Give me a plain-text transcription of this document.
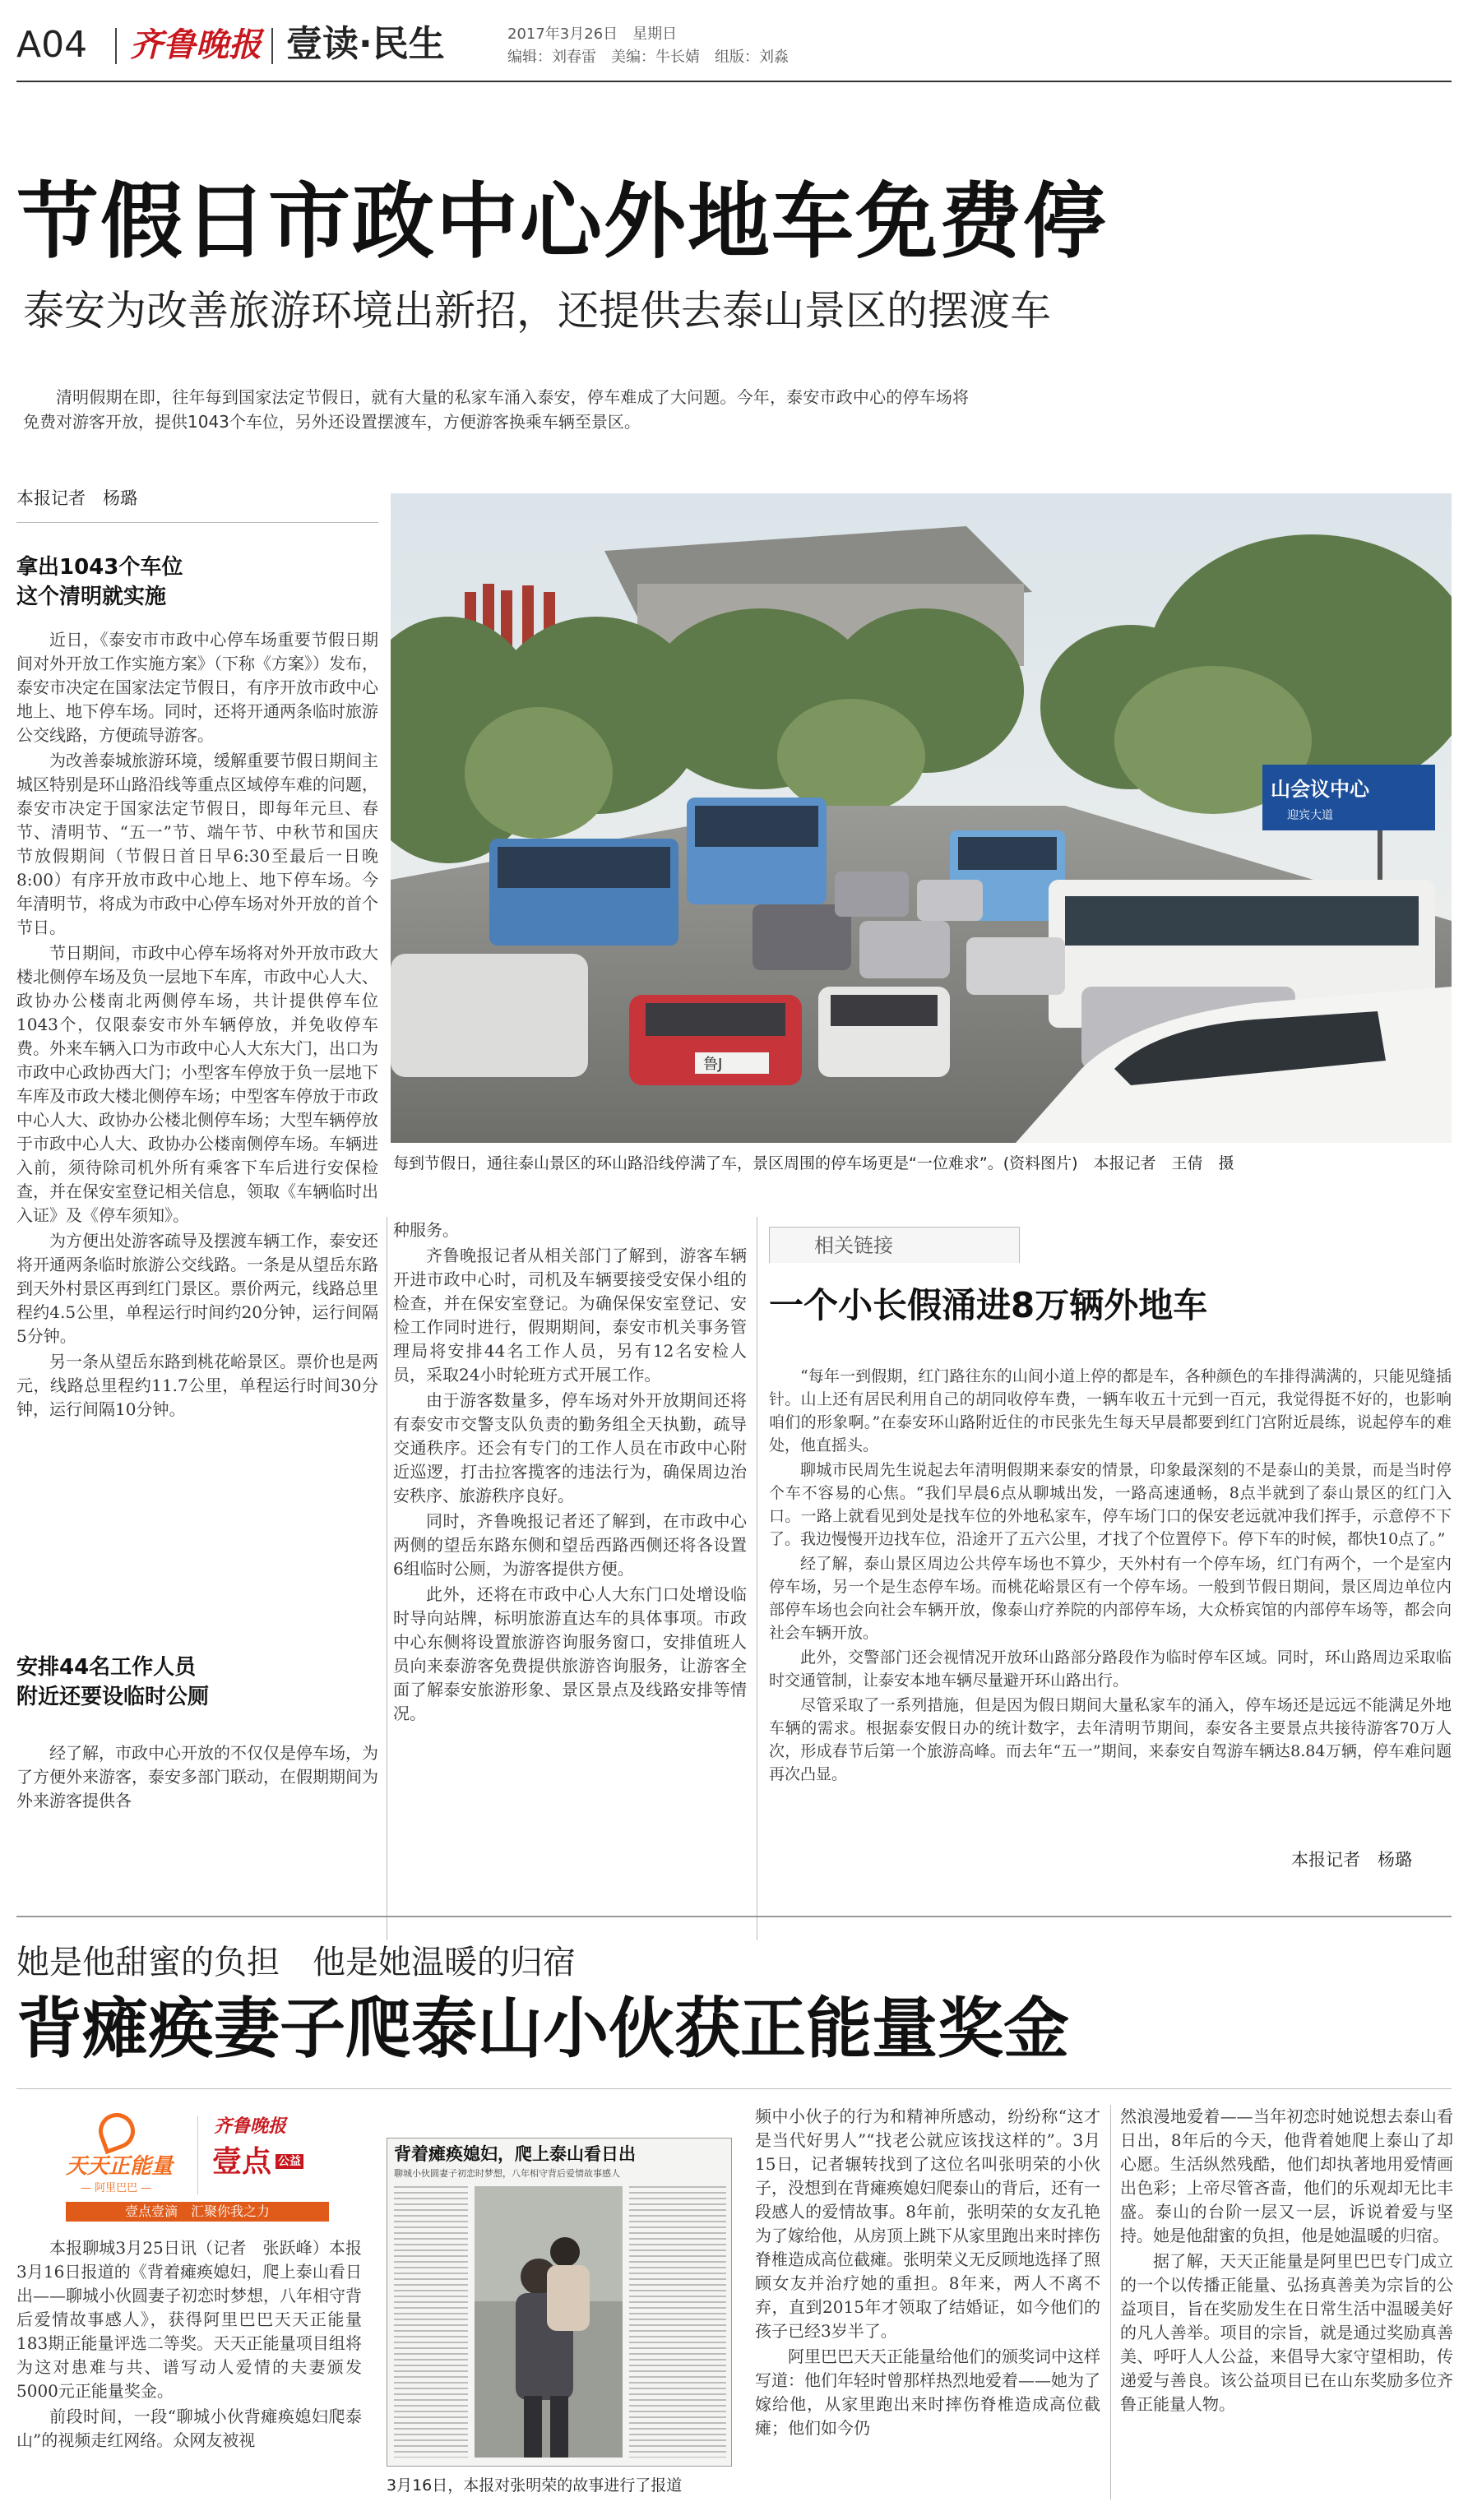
A04 齐鲁晚报 壹读·民生	2017年3月26日　星期日
编辑：刘春雷　美编：牛长婧　组版：刘淼
节假日市政中心外地车免费停
泰安为改善旅游环境出新招，还提供去泰山景区的摆渡车
清明假期在即，往年每到国家法定节假日，就有大量的私家车涌入泰安，停车难成了大问题。今年，泰安市政中心的停车场将免费对游客开放，提供1043个车位，另外还设置摆渡车，方便游客换乘车辆至景区。
本报记者　杨璐
拿出1043个车位
这个清明就实施

近日，《泰安市市政中心停车场重要节假日期间对外开放工作实施方案》（下称《方案》）发布，泰安市决定在国家法定节假日，有序开放市政中心地上、地下停车场。同时，还将开通两条临时旅游公交线路，方便疏导游客。

为改善泰城旅游环境，缓解重要节假日期间主城区特别是环山路沿线等重点区域停车难的问题，泰安市决定于国家法定节假日，即每年元旦、春节、清明节、“五一”节、端午节、中秋节和国庆节放假期间（节假日首日早6:30至最后一日晚8:00）有序开放市政中心地上、地下停车场。今年清明节，将成为市政中心停车场对外开放的首个节日。

节日期间，市政中心停车场将对外开放市政大楼北侧停车场及负一层地下车库，市政中心人大、政协办公楼南北两侧停车场，共计提供停车位1043个，仅限泰安市外车辆停放，并免收停车费。外来车辆入口为市政中心人大东大门，出口为市政中心政协西大门；小型客车停放于负一层地下车库及市政大楼北侧停车场；中型客车停放于市政中心人大、政协办公楼北侧停车场；大型车辆停放于市政中心人大、政协办公楼南侧停车场。车辆进入前，须待除司机外所有乘客下车后进行安保检查，并在保安室登记相关信息，领取《车辆临时出入证》及《停车须知》。

为方便出处游客疏导及摆渡车辆工作，泰安还将开通两条临时旅游公交线路。一条是从望岳东路到天外村景区再到红门景区。票价两元，线路总里程约4.5公里，单程运行时间约20分钟，运行间隔5分钟。

另一条从望岳东路到桃花峪景区。票价也是两元，线路总里程约11.7公里，单程运行时间30分钟，运行间隔10分钟。

安排44名工作人员
附近还要设临时公厕

经了解，市政中心开放的不仅仅是停车场，为了方便外来游客，泰安多部门联动，在假期期间为外来游客提供各

山会议中心
迎宾大道
鲁J
每到节假日，通往泰山景区的环山路沿线停满了车，景区周围的停车场更是“一位难求”。(资料图片)　本报记者　王倩　摄

种服务。

齐鲁晚报记者从相关部门了解到，游客车辆开进市政中心时，司机及车辆要接受安保小组的检查，并在保安室登记。为确保保安室登记、安检工作同时进行，假期期间，泰安市机关事务管理局将安排44名工作人员，另有12名安检人员，采取24小时轮班方式开展工作。

由于游客数量多，停车场对外开放期间还将有泰安市交警支队负责的勤务组全天执勤，疏导交通秩序。还会有专门的工作人员在市政中心附近巡逻，打击拉客揽客的违法行为，确保周边治安秩序、旅游秩序良好。

同时，齐鲁晚报记者还了解到，在市政中心两侧的望岳东路东侧和望岳西路西侧还将各设置6组临时公厕，为游客提供方便。

此外，还将在市政中心人大东门口处增设临时导向站牌，标明旅游直达车的具体事项。市政中心东侧将设置旅游咨询服务窗口，安排值班人员向来泰游客免费提供旅游咨询服务，让游客全面了解泰安旅游形象、景区景点及线路安排等情况。

相关链接
一个小长假涌进8万辆外地车

“每年一到假期，红门路往东的山间小道上停的都是车，各种颜色的车排得满满的，只能见缝插针。山上还有居民利用自己的胡同收停车费，一辆车收五十元到一百元，我觉得挺不好的，也影响咱们的形象啊。”在泰安环山路附近住的市民张先生每天早晨都要到红门宫附近晨练，说起停车的难处，他直摇头。

聊城市民周先生说起去年清明假期来泰安的情景，印象最深刻的不是泰山的美景，而是当时停个车不容易的心焦。“我们早晨6点从聊城出发，一路高速通畅，8点半就到了泰山景区的红门入口。一路上就看见到处是找车位的外地私家车，停车场门口的保安老远就冲我们挥手，示意停不下了。我边慢慢开边找车位，沿途开了五六公里，才找了个位置停下。停下车的时候，都快10点了。”

经了解，泰山景区周边公共停车场也不算少，天外村有一个停车场，红门有两个，一个是室内停车场，另一个是生态停车场。而桃花峪景区有一个停车场。一般到节假日期间，景区周边单位内部停车场也会向社会车辆开放，像泰山疗养院的内部停车场，大众桥宾馆的内部停车场等，都会向社会车辆开放。

此外，交警部门还会视情况开放环山路部分路段作为临时停车区域。同时，环山路周边采取临时交通管制，让泰安本地车辆尽量避开环山路出行。

尽管采取了一系列措施，但是因为假日期间大量私家车的涌入，停车场还是远远不能满足外地车辆的需求。根据泰安假日办的统计数字，去年清明节期间，泰安各主要景点共接待游客70万人次，形成春节后第一个旅游高峰。而去年“五一”期间，来泰安自驾游车辆达8.84万辆，停车难问题再次凸显。

本报记者　杨璐
她是他甜蜜的负担　他是她温暖的归宿
背瘫痪妻子爬泰山小伙获正能量奖金
天天正能量
— 阿里巴巴 —
齐鲁晚报
壹点 公益
壹点壹滴　汇聚你我之力

本报聊城3月25日讯（记者　张跃峰）本报3月16日报道的《背着瘫痪媳妇，爬上泰山看日出——聊城小伙圆妻子初恋时梦想，八年相守背后爱情故事感人》，获得阿里巴巴天天正能量183期正能量评选二等奖。天天正能量项目组将为这对患难与共、谱写动人爱情的夫妻颁发5000元正能量奖金。

前段时间，一段“聊城小伙背瘫痪媳妇爬泰山”的视频走红网络。众网友被视

背着瘫痪媳妇，爬上泰山看日出
聊城小伙圆妻子初恋时梦想，八年相守背后爱情故事感人
3月16日，本报对张明荣的故事进行了报道

频中小伙子的行为和精神所感动，纷纷称“这才是当代好男人”“找老公就应该找这样的”。3月15日，记者辗转找到了这位名叫张明荣的小伙子，没想到在背瘫痪媳妇爬泰山的背后，还有一段感人的爱情故事。8年前，张明荣的女友孔艳为了嫁给他，从房顶上跳下从家里跑出来时摔伤脊椎造成高位截瘫。张明荣义无反顾地选择了照顾女友并治疗她的重担。8年来，两人不离不弃，直到2015年才领取了结婚证，如今他们的孩子已经3岁半了。

阿里巴巴天天正能量给他们的颁奖词中这样写道：他们年轻时曾那样热烈地爱着——她为了嫁给他，从家里跑出来时摔伤脊椎造成高位截瘫；他们如今仍

然浪漫地爱着——当年初恋时她说想去泰山看日出，8年后的今天，他背着她爬上泰山了却心愿。生活纵然残酷，他们却执著地用爱情画出色彩；上帝尽管吝啬，他们的乐观却无比丰盛。泰山的台阶一层又一层，诉说着爱与坚持。她是他甜蜜的负担，他是她温暖的归宿。

据了解，天天正能量是阿里巴巴专门成立的一个以传播正能量、弘扬真善美为宗旨的公益项目，旨在奖励发生在日常生活中温暖美好的凡人善举。项目的宗旨，就是通过奖励真善美、呼吁人人公益，来倡导大家守望相助，传递爱与善良。该公益项目已在山东奖励多位齐鲁正能量人物。
